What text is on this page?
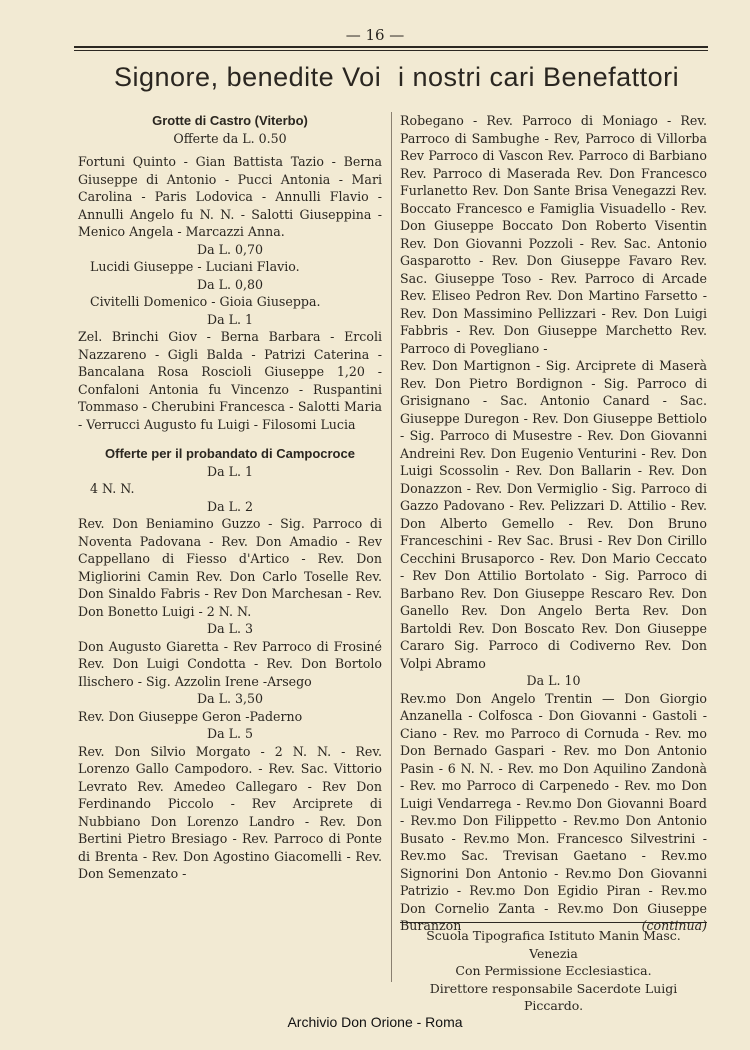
— 16 —
Signore, benedite Voi i nostri cari Benefattori

Grotte di Castro (Viterbo)

Offerte da L. 0.50

Fortuni Quinto - Gian Battista Tazio - Berna Giuseppe di Antonio - Pucci Antonia - Mari Carolina - Paris Lodovica - Annulli Flavio - Annulli Angelo fu N. N. - Salotti Giuseppina - Menico Angela - Marcazzi Anna.

Da L. 0,70

Lucidi Giuseppe - Luciani Flavio.

Da L. 0,80

Civitelli Domenico - Gioia Giuseppa.

Da L. 1

Zel. Brinchi Giov - Berna Barbara - Ercoli Nazzareno - Gigli Balda - Patrizi Caterina - Bancalana Rosa Roscioli Giuseppe 1,20 - Confaloni Antonia fu Vincenzo - Ruspantini Tommaso - Cherubini Francesca - Salotti Maria - Verrucci Augusto fu Luigi - Filosomi Lucia

Offerte per il probandato di Campocroce

Da L. 1

4 N. N.

Da L. 2

Rev. Don Beniamino Guzzo - Sig. Parroco di Noventa Padovana - Rev. Don Amadio - Rev Cappellano di Fiesso d'Artico - Rev. Don Migliorini Camin Rev. Don Carlo Toselle Rev. Don Sinaldo Fabris - Rev Don Marchesan - Rev. Don Bonetto Luigi - 2 N. N.

Da L. 3

Don Augusto Giaretta - Rev Parroco di Frosiné Rev. Don Luigi Condotta - Rev. Don Bortolo Ilischero - Sig. Azzolin Irene -Arsego

Da L. 3,50

Rev. Don Giuseppe Geron -Paderno

Da L. 5

Rev. Don Silvio Morgato - 2 N. N. - Rev. Lorenzo Gallo Campodoro. - Rev. Sac. Vittorio Levrato Rev. Amedeo Callegaro - Rev Don Ferdinando Piccolo - Rev Arciprete di Nubbiano Don Lorenzo Landro - Rev. Don Bertini Pietro Bresiago - Rev. Parroco di Ponte di Brenta - Rev. Don Agostino Giacomelli - Rev. Don Semenzato -

Robegano - Rev. Parroco di Moniago - Rev. Parroco di Sambughe - Rev, Parroco di Villorba Rev Parroco di Vascon Rev. Parroco di Barbiano Rev. Parroco di Maserada Rev. Don Francesco Furlanetto Rev. Don Sante Brisa Venegazzi Rev. Boccato Francesco e Famiglia Visuadello - Rev. Don Giuseppe Boccato Don Roberto Visentin Rev. Don Giovanni Pozzoli - Rev. Sac. Antonio Gasparotto - Rev. Don Giuseppe Favaro Rev. Sac. Giuseppe Toso - Rev. Parroco di Arcade Rev. Eliseo Pedron Rev. Don Martino Farsetto - Rev. Don Massimino Pellizzari - Rev. Don Luigi Fabbris - Rev. Don Giuseppe Marchetto Rev. Parroco di Povegliano -

Rev. Don Martignon - Sig. Arciprete di Maserà Rev. Don Pietro Bordignon - Sig. Parroco di Grisignano - Sac. Antonio Canard - Sac. Giuseppe Duregon - Rev. Don Giuseppe Bettiolo - Sig. Parroco di Musestre - Rev. Don Giovanni Andreini Rev. Don Eugenio Venturini - Rev. Don Luigi Scossolin - Rev. Don Ballarin - Rev. Don Donazzon - Rev. Don Vermiglio - Sig. Parroco di Gazzo Padovano - Rev. Pelizzari D. Attilio - Rev. Don Alberto Gemello - Rev. Don Bruno Franceschini - Rev Sac. Brusi - Rev Don Cirillo Cecchini Brusaporco - Rev. Don Mario Ceccato - Rev Don Attilio Bortolato - Sig. Parroco di Barbano Rev. Don Giuseppe Rescaro Rev. Don Ganello Rev. Don Angelo Berta Rev. Don Bartoldi Rev. Don Boscato Rev. Don Giuseppe Cararo Sig. Parroco di Codiverno Rev. Don Volpi Abramo

Da L. 10

Rev.mo Don Angelo Trentin — Don Giorgio Anzanella - Colfosca - Don Giovanni - Gastoli - Ciano - Rev. mo Parroco di Cornuda - Rev. mo Don Bernado Gaspari - Rev. mo Don Antonio Pasin - 6 N. N. - Rev. mo Don Aquilino Zandonà - Rev. mo Parroco di Carpenedo - Rev. mo Don Luigi Vendarrega - Rev.mo Don Giovanni Board - Rev.mo Don Filippetto - Rev.mo Don Antonio Busato - Rev.mo Mon. Francesco Silvestrini - Rev.mo Sac. Trevisan Gaetano - Rev.mo Signorini Don Antonio - Rev.mo Don Giovanni Patrizio - Rev.mo Don Egidio Piran - Rev.mo Don Cornelio Zanta - Rev.mo Don Giuseppe Buranzon	(continua)

Scuola Tipografica Istituto Manin Masc. Venezia
Con Permissione Ecclesiastica.
Direttore responsabile Sacerdote Luigi Piccardo.
Archivio Don Orione - Roma
